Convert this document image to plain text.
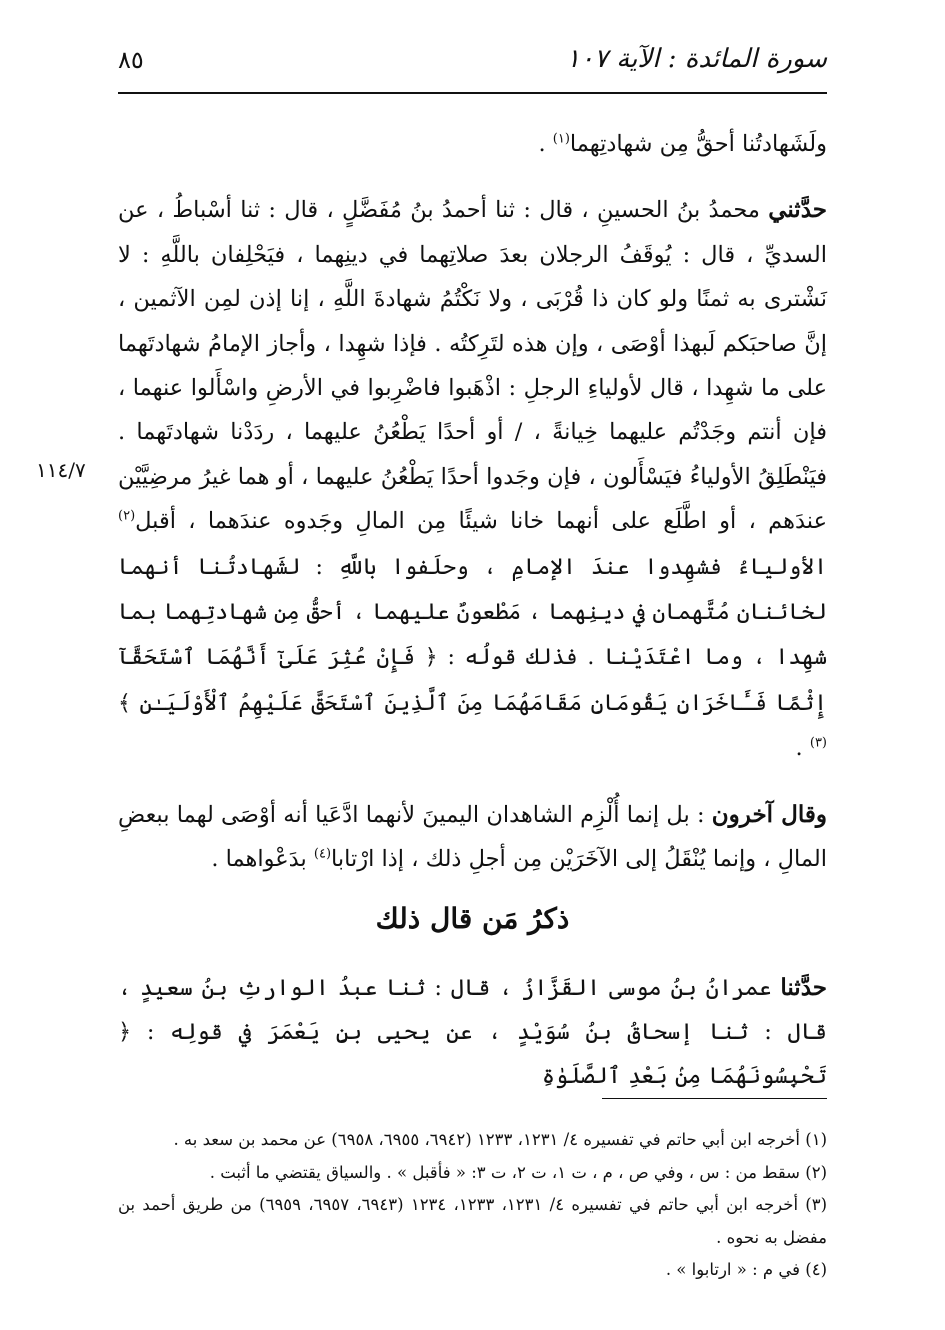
٨٥	سورة المائدة : الآية ١٠٧
١١٤/٧

ولَشَهادتُنا أحقُّ مِن شهادتِهما$^{(١)}$ .

حدَّثني محمدُ بنُ الحسينِ ، قال : ثنا أحمدُ بنُ مُفَضَّلٍ ، قال : ثنا أسْباطُ ، عن السديِّ ، قال : يُوقَفُ الرجلان بعدَ صلاتِهما في دينِهما ، فيَحْلِفان باللَّهِ : لا نَشْترى به ثمنًا ولو كان ذا قُرْبَى ، ولا نَكْتُمُ شهادةَ اللَّهِ ، إنا إذن لمِن الآثمين ، إنَّ صاحبَكم لَبهذا أوْصَى ، وإن هذه لتَرِكتُه . فإذا شهِدا ، وأجاز الإمامُ شهادتَهما على ما شهِدا ، قال لأولياءِ الرجلِ : اذْهَبوا فاضْرِبوا في الأرضِ واسْأَلوا عنهما ، فإن أنتم وجَدْتُم عليهما خِيانةً ، / أو أحدًا يَطْعُنُ عليهما ، ردَدْنا شهادتَهما . فيَنْطَلِقُ الأولياءُ فيَسْأَلون ، فإن وجَدوا أحدًا يَطْعُنُ عليهما ، أو هما غيرُ مرضِيَّيْن عندَهم ، أو اطَّلَع على أنهما خانا شيئًا مِن المالِ وجَدوه عندَهما ، أقبل$^{(٢)}$ الأولياءُ فشهِدوا عندَ الإمامِ ، وحلَفوا باللَّهِ : لشَهادتُنا أنهما لخائنان مُتَّهمان في دينِهما ، مَطْعونٌ عليهما ، أحقُّ مِن شهادتِهما بما شهِدا ، وما اعْتَدَيْنا . فذلك قولُه : ﴿ فَإِنْ عُثِرَ عَلَىٰٓ أَنَّهُمَا ٱسْتَحَقَّآ إِثْمًا فَـَٔاخَرَانِ يَقُومَانِ مَقَامَهُمَا مِنَ ٱلَّذِينَ ٱسْتَحَقَّ عَلَيْهِمُ ٱلْأَوْلَيَـٰنِ ﴾$^{(٣)}$ .

وقال آخرون : بل إنما أُلْزِم الشاهدان اليمينَ لأنهما ادَّعَيا أنه أوْصَى لهما ببعضِ المالِ ، وإنما يُنْقَلُ إلى الآخَرَيْن مِن أجلِ ذلك ، إذا ارْتابا$^{(٤)}$ بدَعْواهما .

ذكرُ مَن قال ذلك

حدَّثنا عمرانُ بنُ موسى القَزَّازُ ، قال : ثنا عبدُ الوارثِ بنُ سعيدٍ ، قال : ثنا إسحاقُ بنُ سُوَيْدٍ ، عن يحيى بنِ يَعْمَرَ في قولِه : ﴿ تَحْبِسُونَهُمَا مِنۢ بَعْدِ ٱلصَّلَوٰةِ

(١) أخرجه ابن أبي حاتم في تفسيره ٤/ ١٢٣١، ١٢٣٣ (٦٩٤٢، ٦٩٥٥، ٦٩٥٨) عن محمد بن سعد به .

(٢) سقط من : س ، وفي ص ، م ، ت ١، ت ٢، ت ٣: « فأقبل » . والسياق يقتضي ما أثبت .

(٣) أخرجه ابن أبي حاتم في تفسيره ٤/ ١٢٣١، ١٢٣٣، ١٢٣٤ (٦٩٤٣، ٦٩٥٧، ٦٩٥٩) من طريق أحمد بن مفضل به نحوه .

(٤) في م : « ارتابوا » .
